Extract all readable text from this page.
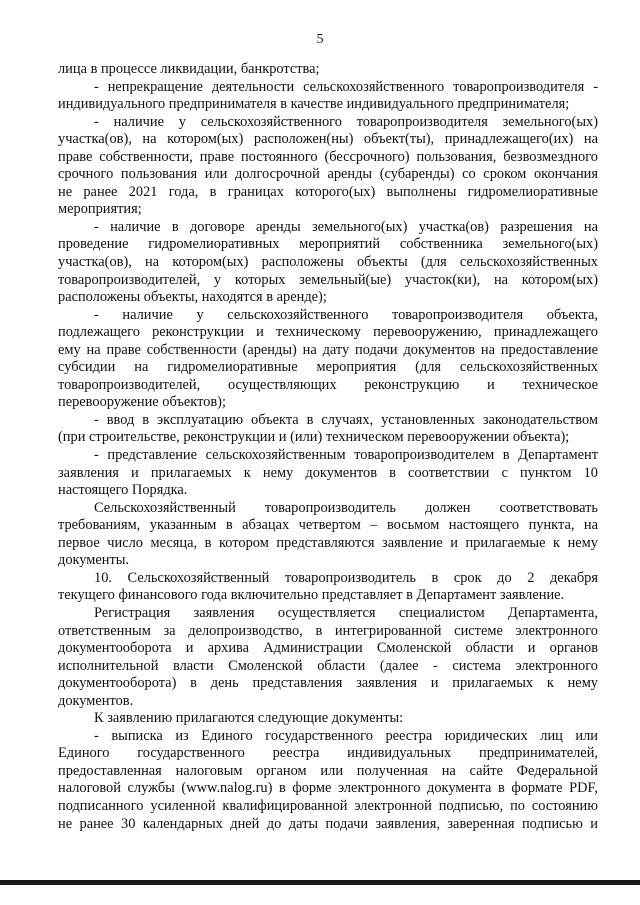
5

лица в процессе ликвидации, банкротства;

- непрекращение деятельности сельскохозяйственного товаропроизводителя -

индивидуального предпринимателя в качестве индивидуального предпринимателя;

- наличие у сельскохозяйственного товаропроизводителя земельного(ых)

участка(ов), на котором(ых) расположен(ны) объект(ты), принадлежащего(их) на

праве собственности, праве постоянного (бессрочного) пользования, безвозмездного

срочного пользования или долгосрочной аренды (субаренды) со сроком окончания

не ранее 2021 года, в границах которого(ых) выполнены гидромелиоративные

мероприятия;

- наличие в договоре аренды земельного(ых) участка(ов) разрешения на

проведение гидромелиоративных мероприятий собственника земельного(ых)

участка(ов), на котором(ых) расположены объекты (для сельскохозяйственных

товаропроизводителей, у которых земельный(ые) участок(ки), на котором(ых)

расположены объекты, находятся в аренде);

- наличие у сельскохозяйственного товаропроизводителя объекта,

подлежащего реконструкции и техническому перевооружению, принадлежащего

ему на праве собственности (аренды) на дату подачи документов на предоставление

субсидии на гидромелиоративные мероприятия (для сельскохозяйственных

товаропроизводителей, осуществляющих реконструкцию и техническое

перевооружение объектов);

- ввод в эксплуатацию объекта в случаях, установленных законодательством

(при строительстве, реконструкции и (или) техническом перевооружении объекта);

- представление сельскохозяйственным товаропроизводителем в Департамент

заявления и прилагаемых к нему документов в соответствии с пунктом 10

настоящего Порядка.

Сельскохозяйственный товаропроизводитель должен соответствовать

требованиям, указанным в абзацах четвертом – восьмом настоящего пункта, на

первое число месяца, в котором представляются заявление и прилагаемые к нему

документы.

10. Сельскохозяйственный товаропроизводитель в срок до 2 декабря

текущего финансового года включительно представляет в Департамент заявление.

Регистрация заявления осуществляется специалистом Департамента,

ответственным за делопроизводство, в интегрированной системе электронного

документооборота и архива Администрации Смоленской области и органов

исполнительной власти Смоленской области (далее - система электронного

документооборота) в день представления заявления и прилагаемых к нему

документов.

К заявлению прилагаются следующие документы:

- выписка из Единого государственного реестра юридических лиц или

Единого государственного реестра индивидуальных предпринимателей,

предоставленная налоговым органом или полученная на сайте Федеральной

налоговой службы (www.nalog.ru) в форме электронного документа в формате PDF,

подписанного усиленной квалифицированной электронной подписью, по состоянию

не ранее 30 календарных дней до даты подачи заявления, заверенная подписью и
